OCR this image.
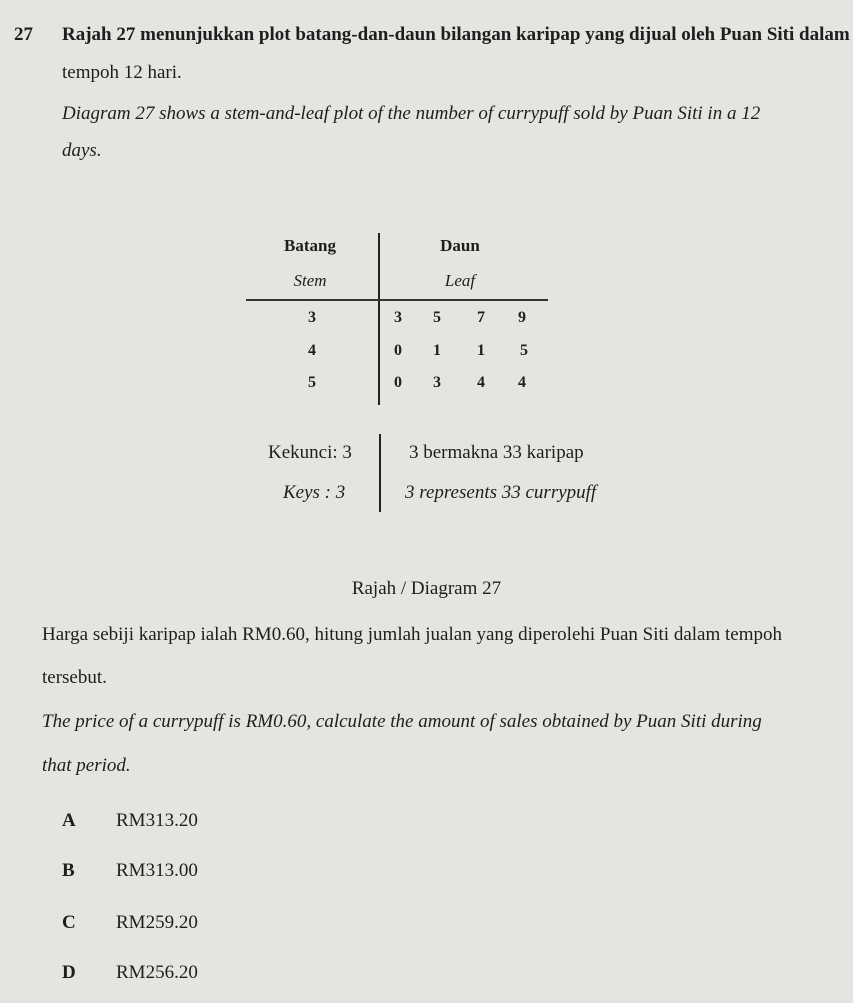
27 Rajah 27 menunjukkan plot batang-dan-daun bilangan karipap yang dijual oleh Puan Siti dalam
tempoh 12 hari.
Diagram 27 shows a stem-and-leaf plot of the number of currypuff sold by Puan Siti in a 12
days.
Batang
Stem
Daun
Leaf
3	3	5	7	9
4	0	1	1	5
5	0	3	4	4
Kekunci: 3
Keys : 3
3 bermakna 33 karipap
3 represents 33 currypuff
Rajah / Diagram 27
Harga sebiji karipap ialah RM0.60, hitung jumlah jualan yang diperolehi Puan Siti dalam tempoh
tersebut.
The price of a currypuff is RM0.60, calculate the amount of sales obtained by Puan Siti during
that period.
A RM313.20
B RM313.00
C RM259.20
D RM256.20
